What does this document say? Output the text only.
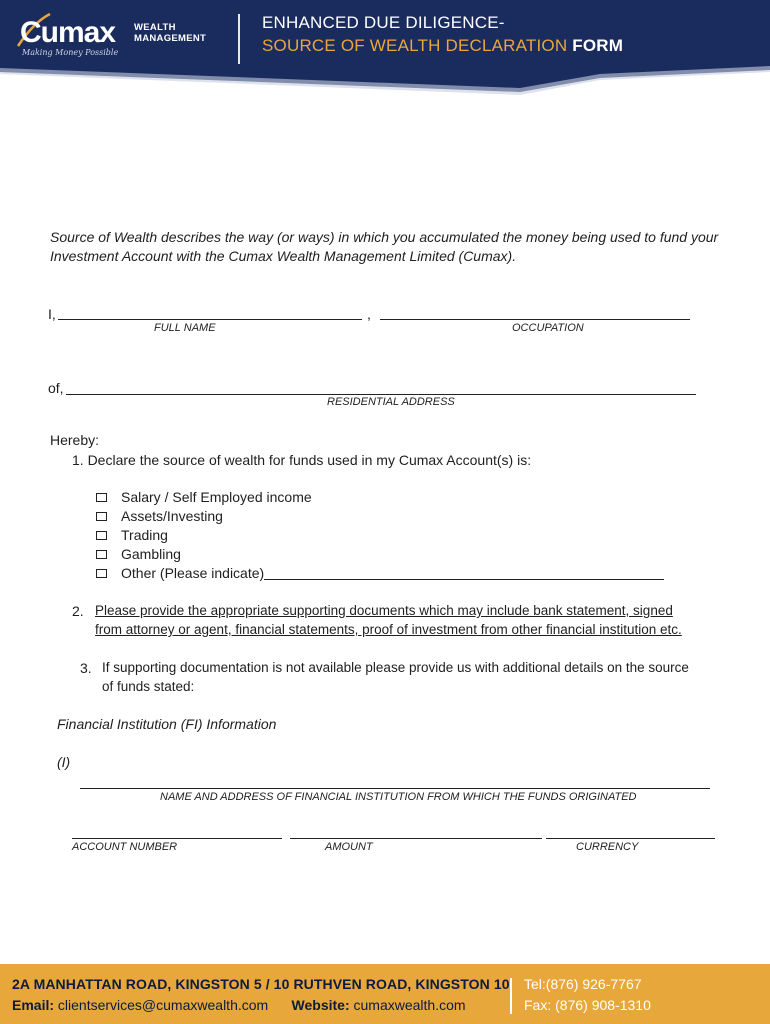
Cumax WEALTH
MANAGEMENT
Making Money Possible
ENHANCED DUE DILIGENCE-
SOURCE OF WEALTH DECLARATION FORM
Source of Wealth describes the way (or ways) in which you accumulated the money being used to fund your Investment Account with the Cumax Wealth Management Limited (Cumax).
I,	,
FULL NAME	OCCUPATION
of,
RESIDENTIAL ADDRESS
Hereby:
1. Declare the source of wealth for funds used in my Cumax Account(s) is:
Salary / Self Employed income
Assets/Investing
Trading
Gambling
Other (Please indicate)
2. Please provide the appropriate supporting documents which may include bank statement, signed
from attorney or agent, financial statements, proof of investment from other financial institution etc.
3. If supporting documentation is not available please provide us with additional details on the source
of funds stated:
Financial Institution (FI) Information
(I)
NAME AND ADDRESS OF FINANCIAL INSTITUTION FROM WHICH THE FUNDS ORIGINATED
ACCOUNT NUMBER	AMOUNT	CURRENCY
2A MANHATTAN ROAD, KINGSTON 5 / 10 RUTHVEN ROAD, KINGSTON 10
Email: clientservices@cumaxwealth.com Website: cumaxwealth.com
Tel:(876) 926-7767
Fax: (876) 908-1310
